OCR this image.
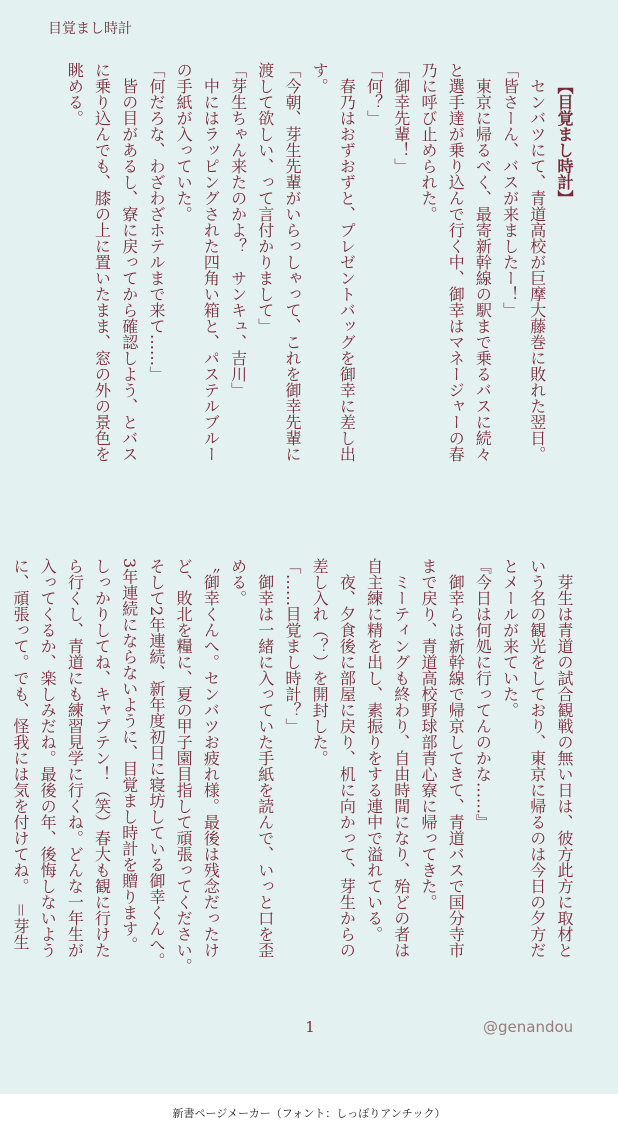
目覚まし時計
【目覚まし時計】
　センバツにて、青道高校が巨摩大藤巻に敗れた翌日。
「皆さーん、バスが来ましたー！」
　東京に帰るべく、最寄新幹線の駅まで乗るバスに続々
と選手達が乗り込んで行く中、御幸はマネージャーの春
乃に呼び止められた。
「御幸先輩！」
「何？」
　春乃はおずおずと、プレゼントバッグを御幸に差し出
す。
「今朝、芽生先輩がいらっしゃって、これを御幸先輩に
渡して欲しい、って言付かりまして」
「芽生ちゃん来たのかよ？　サンキュ、吉川」
　中にはラッピングされた四角い箱と、パステルブルー
の手紙が入っていた。
「何だろな、わざわざホテルまで来て……」
　皆の目があるし、寮に戻ってから確認しよう、とバス
に乗り込んでも、膝の上に置いたまま、窓の外の景色を
眺める。
　芽生は青道の試合観戦の無い日は、彼方此方に取材と
いう名の観光をしており、東京に帰るのは今日の夕方だ
とメールが来ていた。
『今日は何処に行ってんのかな……』
　御幸らは新幹線で帰京してきて、青道バスで国分寺市
まで戻り、青道高校野球部青心寮に帰ってきた。
　ミーティングも終わり、自由時間になり、殆どの者は
自主練に精を出し、素振りをする連中で溢れている。
　夜、夕食後に部屋に戻り、机に向かって、芽生からの
差し入れ（？）を開封した。
「……目覚まし時計？」
　御幸は一緒に入っていた手紙を読んで、いっと口を歪
める。
〝御幸くんへ。センバツお疲れ様。最後は残念だったけ
ど、敗北を糧に、夏の甲子園目指して頑張ってください。
そして2年連続、新年度初日に寝坊している御幸くんへ。
3年連続にならないように、目覚まし時計を贈ります。
しっかりしてね、キャプテン！（笑）春大も観に行けた
ら行くし、青道にも練習見学に行くね。どんな一年生が
入ってくるか、楽しみだね。最後の年、後悔しないよう
に、頑張って。でも、怪我には気を付けてね。　＝芽生
1	@genandou
新書ページメーカー（フォント：しっぽりアンチック）
